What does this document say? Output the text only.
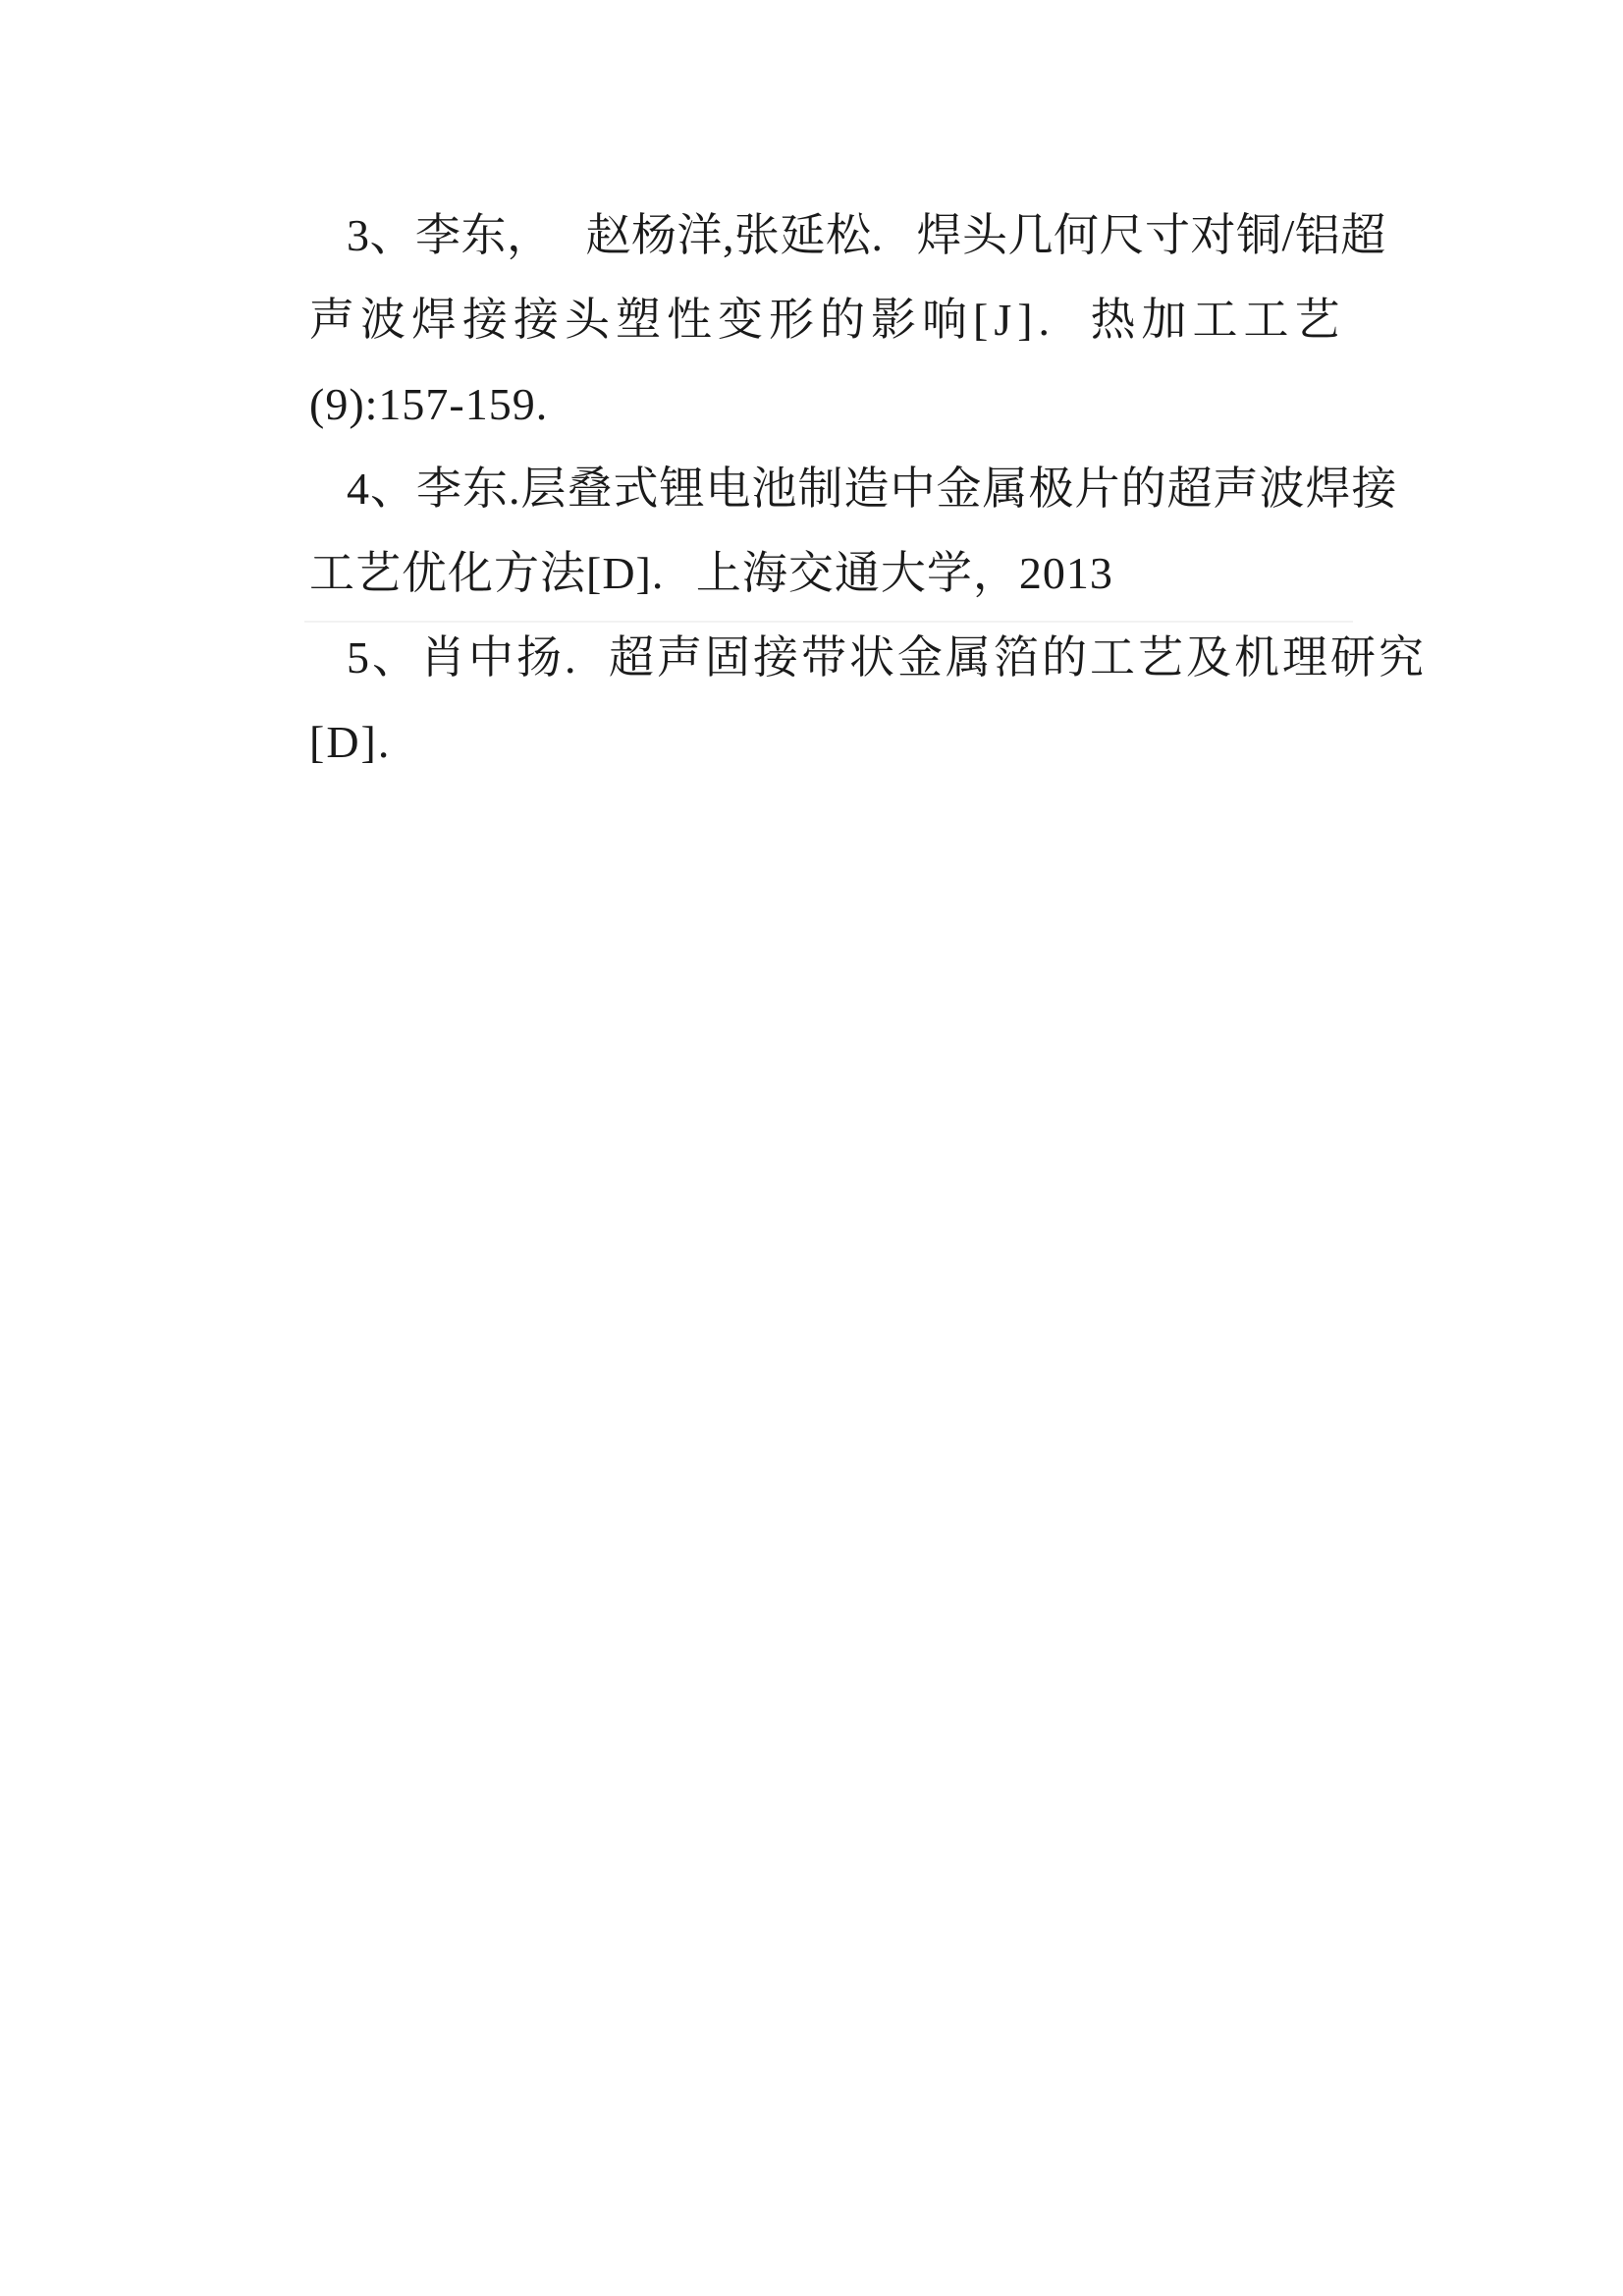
3、李东， 赵杨洋,张延松. 焊头几何尺寸对铜/铝超

声波焊接接头塑性变形的影响[J]. 热加工工艺

(9):157-159.

4、李东.层叠式锂电池制造中金属极片的超声波焊接

工艺优化方法[D]. 上海交通大学，2013

5、肖中扬. 超声固接带状金属箔的工艺及机理研究

[D].
